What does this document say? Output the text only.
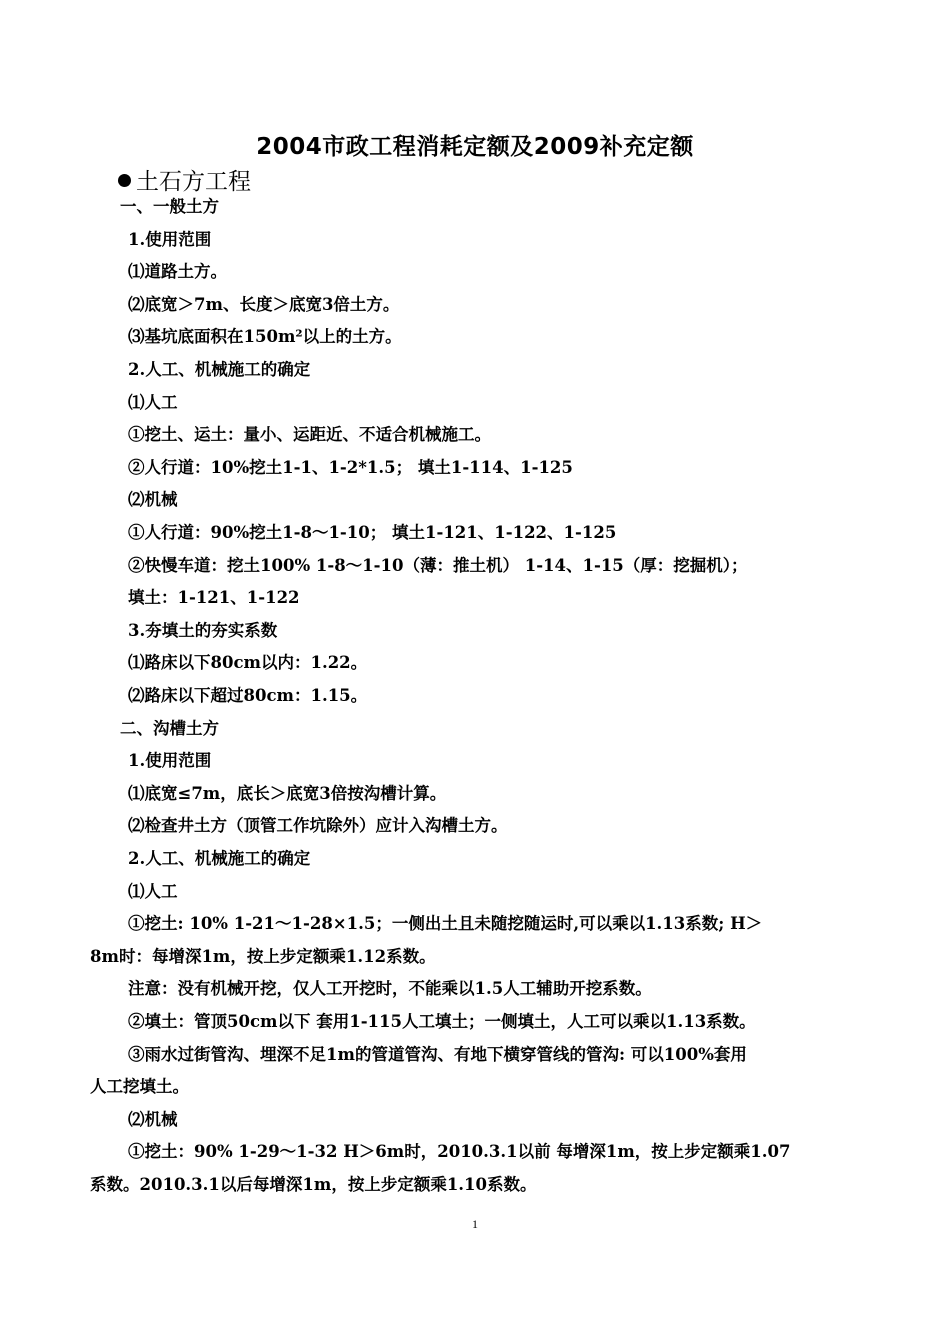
2004市政工程消耗定额及2009补充定额
土石方工程
一、一般土方
1.使用范围
⑴道路土方。
⑵底宽＞7m、长度＞底宽3倍土方。
⑶基坑底面积在150m²以上的土方。
2.人工、机械施工的确定
⑴人工
①挖土、运土：量小、运距近、不适合机械施工。
②人行道：10%挖土1-1、1-2*1.5； 填土1-114、1-125
⑵机械
①人行道：90%挖土1-8～1-10； 填土1-121、1-122、1-125
②快慢车道：挖土100% 1-8～1-10（薄：推土机） 1-14、1-15（厚：挖掘机）；
填土：1-121、1-122
3.夯填土的夯实系数
⑴路床以下80cm以内：1.22。
⑵路床以下超过80cm：1.15。
二、沟槽土方
1.使用范围
⑴底宽≤7m，底长＞底宽3倍按沟槽计算。
⑵检查井土方（顶管工作坑除外）应计入沟槽土方。
2.人工、机械施工的确定
⑴人工
①挖土: 10% 1-21～1-28×1.5；一侧出土且未随挖随运时,可以乘以1.13系数; H＞
8m时：每增深1m，按上步定额乘1.12系数。
注意：没有机械开挖，仅人工开挖时，不能乘以1.5人工辅助开挖系数。
②填土：管顶50cm以下 套用1-115人工填土；一侧填土，人工可以乘以1.13系数。
③雨水过街管沟、埋深不足1m的管道管沟、有地下横穿管线的管沟: 可以100%套用
人工挖填土。
⑵机械
①挖土：90% 1-29～1-32 H＞6m时，2010.3.1以前 每增深1m，按上步定额乘1.07
系数。2010.3.1以后每增深1m，按上步定额乘1.10系数。
1
